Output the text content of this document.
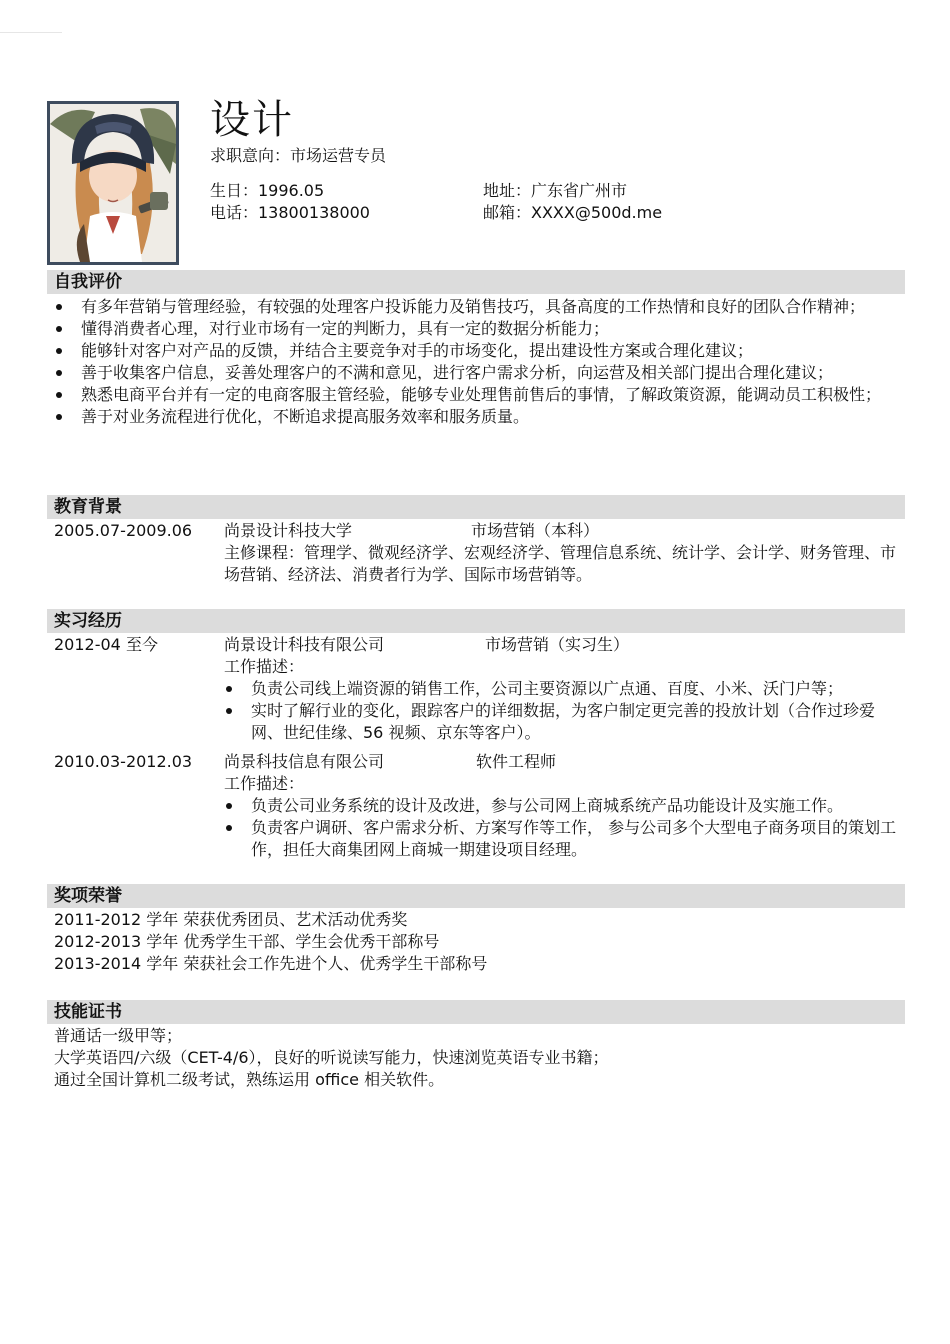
设计
求职意向：市场运营专员
生日：1996.05	地址：广东省广州市
电话：13800138000	邮箱：XXXX@500d.me
自我评价
有多年营销与管理经验，有较强的处理客户投诉能力及销售技巧，具备高度的工作热情和良好的团队合作精神；
懂得消费者心理，对行业市场有一定的判断力，具有一定的数据分析能力；
能够针对客户对产品的反馈，并结合主要竞争对手的市场变化，提出建设性方案或合理化建议；
善于收集客户信息，妥善处理客户的不满和意见，进行客户需求分析，向运营及相关部门提出合理化建议；
熟悉电商平台并有一定的电商客服主管经验，能够专业处理售前售后的事情，了解政策资源，能调动员工积极性；
善于对业务流程进行优化，不断追求提高服务效率和服务质量。
教育背景
2005.07-2009.06 尚景设计科技大学	市场营销（本科）
主修课程：管理学、微观经济学、宏观经济学、管理信息系统、统计学、会计学、财务管理、市场营销、经济法、消费者行为学、国际市场营销等。
实习经历
2012-04 至今	尚景设计科技有限公司	市场营销（实习生）
工作描述：
负责公司线上端资源的销售工作，公司主要资源以广点通、百度、小米、沃门户等；
实时了解行业的变化，跟踪客户的详细数据，为客户制定更完善的投放计划（合作过珍爱网、世纪佳缘、56 视频、京东等客户）。
2010.03-2012.03 尚景科技信息有限公司	软件工程师
工作描述：
负责公司业务系统的设计及改进，参与公司网上商城系统产品功能设计及实施工作。
负责客户调研、客户需求分析、方案写作等工作， 参与公司多个大型电子商务项目的策划工作，担任大商集团网上商城一期建设项目经理。
奖项荣誉
2011-2012 学年 荣获优秀团员、艺术活动优秀奖
2012-2013 学年 优秀学生干部、学生会优秀干部称号
2013-2014 学年 荣获社会工作先进个人、优秀学生干部称号
技能证书
普通话一级甲等；
大学英语四/六级（CET-4/6），良好的听说读写能力，快速浏览英语专业书籍；
通过全国计算机二级考试，熟练运用 office 相关软件。
